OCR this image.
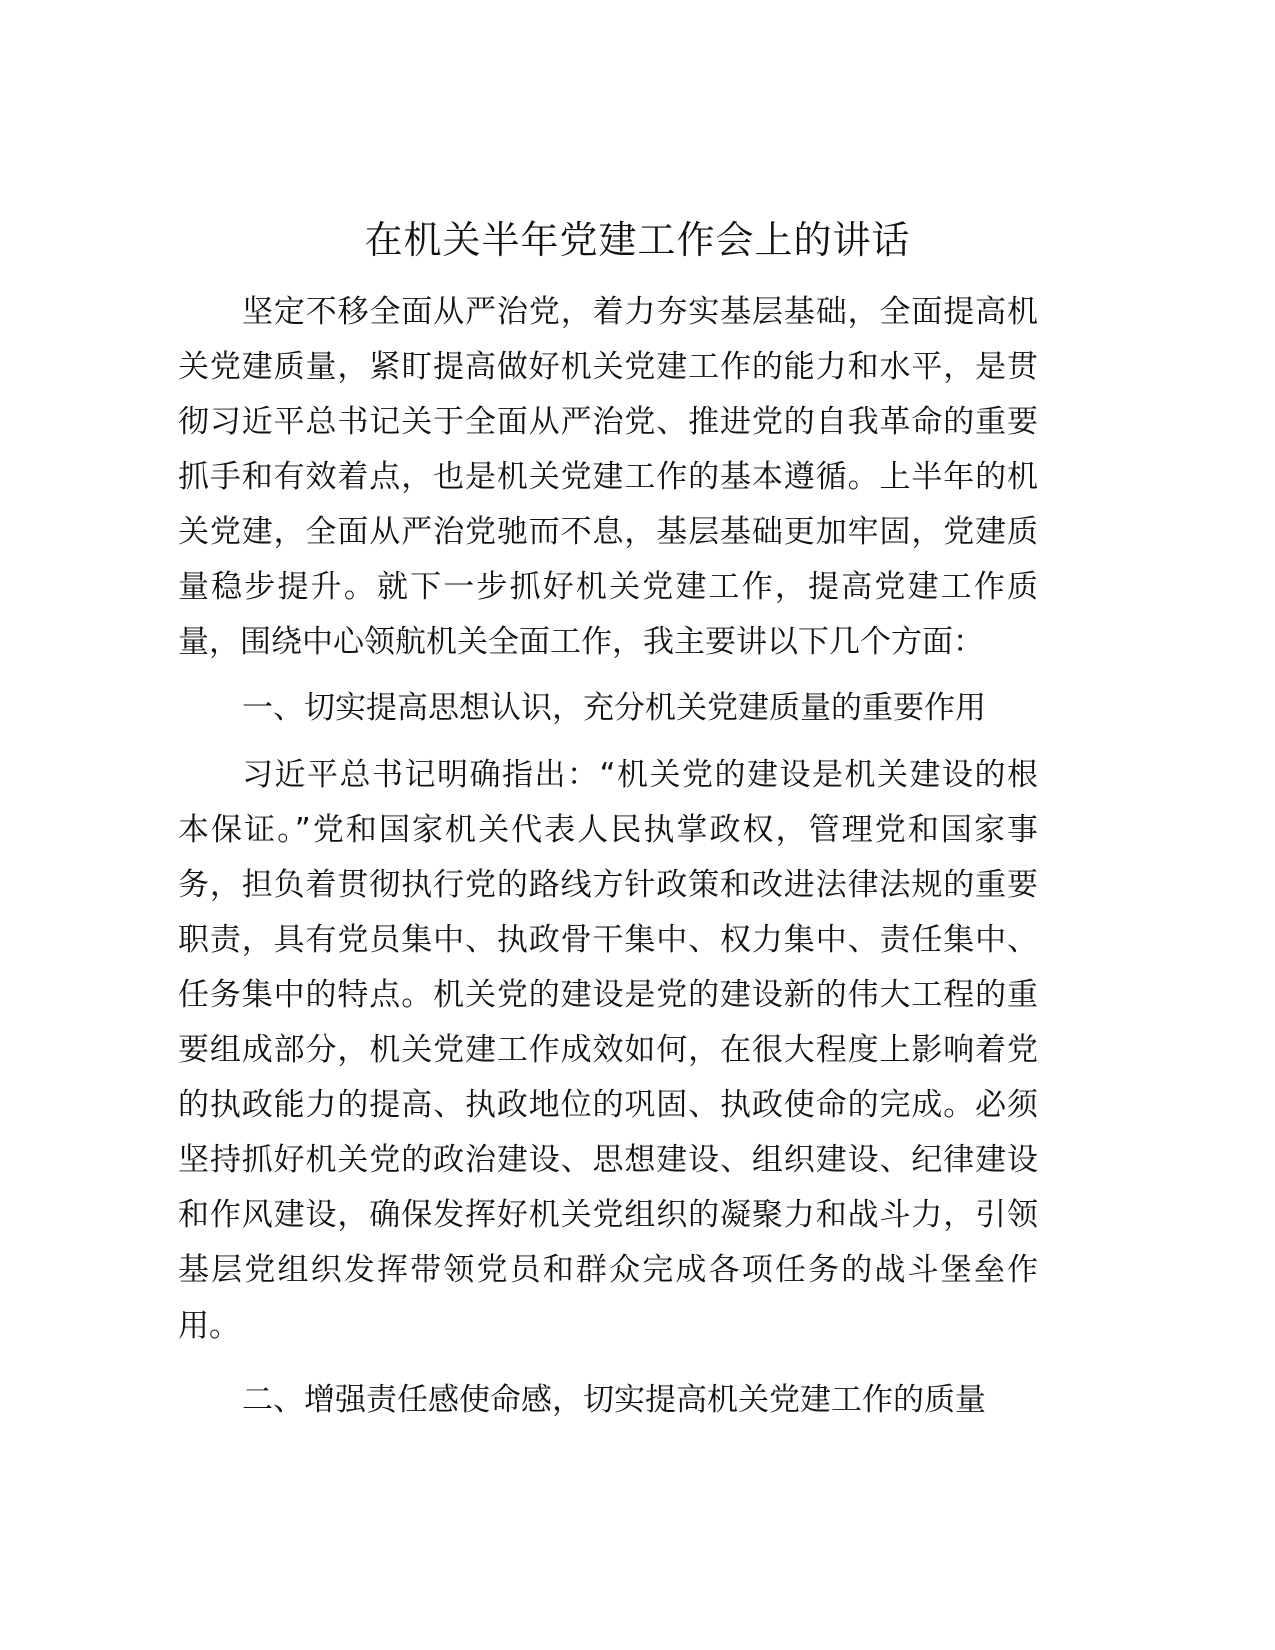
在机关半年党建工作会上的讲话
坚定不移全面从严治党，着力夯实基层基础，全面提高机
关党建质量，紧盯提高做好机关党建工作的能力和水平，是贯
彻习近平总书记关于全面从严治党、推进党的自我革命的重要
抓手和有效着点，也是机关党建工作的基本遵循。上半年的机
关党建，全面从严治党驰而不息，基层基础更加牢固，党建质
量稳步提升。就下一步抓好机关党建工作，提高党建工作质
量，围绕中心领航机关全面工作，我主要讲以下几个方面：
一、切实提高思想认识，充分机关党建质量的重要作用
习近平总书记明确指出：“机关党的建设是机关建设的根
本保证。”党和国家机关代表人民执掌政权，管理党和国家事
务，担负着贯彻执行党的路线方针政策和改进法律法规的重要
职责，具有党员集中、执政骨干集中、权力集中、责任集中、
任务集中的特点。机关党的建设是党的建设新的伟大工程的重
要组成部分，机关党建工作成效如何，在很大程度上影响着党
的执政能力的提高、执政地位的巩固、执政使命的完成。必须
坚持抓好机关党的政治建设、思想建设、组织建设、纪律建设
和作风建设，确保发挥好机关党组织的凝聚力和战斗力，引领
基层党组织发挥带领党员和群众完成各项任务的战斗堡垒作
用。
二、增强责任感使命感，切实提高机关党建工作的质量
